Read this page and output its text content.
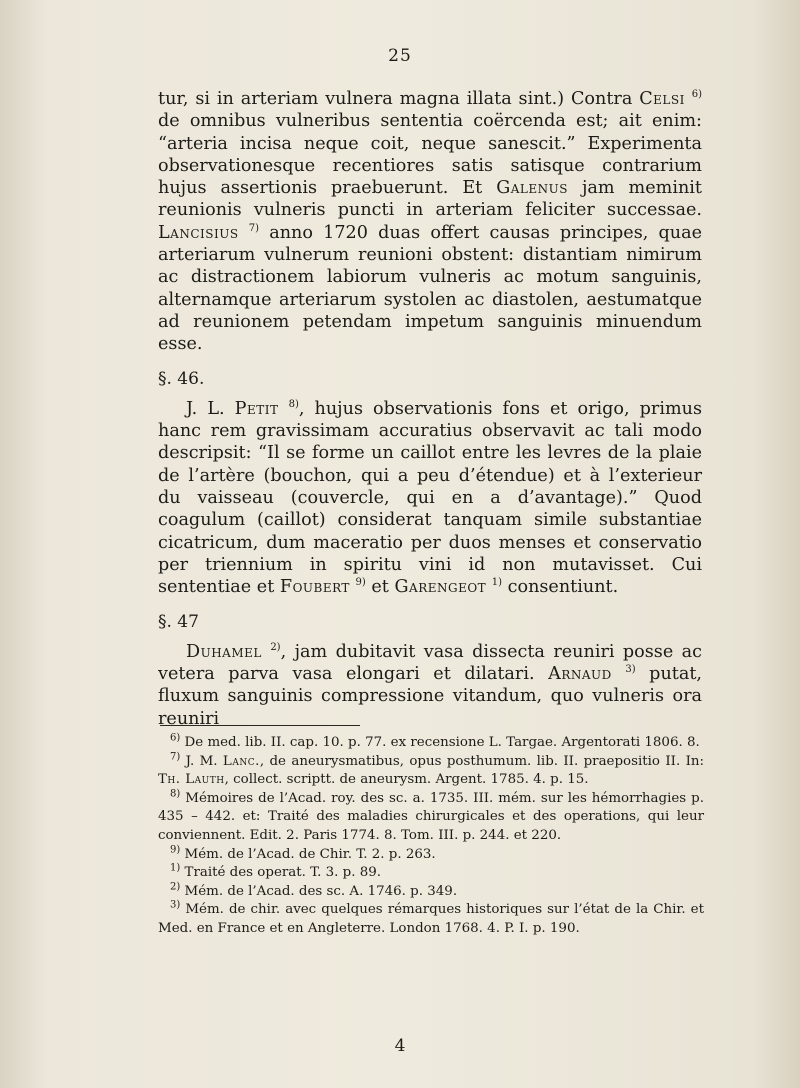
25

tur, si in arteriam vulnera magna illata sint.) Contra Celsi $^{6)}$ de omnibus vulneribus sententia coërcenda est; ait enim: “arteria incisa neque coit, neque sanescit.” Experimenta observationesque recentiores satis satisque contrarium hujus assertionis praebuerunt. Et Galenus jam meminit reunionis vulneris puncti in arteriam feliciter successae. Lancisius $^{7)}$ anno 1720 duas offert causas principes, quae arteriarum vulnerum reunioni obstent: distantiam nimirum ac distractionem labiorum vulneris ac motum sanguinis, alternamque arteriarum systolen ac diastolen, aestumatque ad reunionem petendam impetum sanguinis minuendum esse.

§. 46.

J. L. Petit $^{8)}$, hujus observationis fons et origo, primus hanc rem gravissimam accuratius observavit ac tali modo descripsit: “Il se forme un caillot entre les levres de la plaie de l’artère (bouchon, qui a peu d’étendue) et à l’exterieur du vaisseau (couvercle, qui en a d’avantage).” Quod coagulum (caillot) considerat tanquam simile substantiae cicatricum, dum maceratio per duos menses et conservatio per triennium in spiritu vini id non mutavisset. Cui sententiae et Foubert $^{9)}$ et Garengeot $^{1)}$ consentiunt.

§. 47

Duhamel $^{2)}$, jam dubitavit vasa dissecta reuniri posse ac vetera parva vasa elongari et dilatari. Arnaud $^{3)}$ putat, fluxum sanguinis compressione vitandum, quo vulneris ora reuniri

$^{6)}$ De med. lib. II. cap. 10. p. 77. ex recensione L. Targae. Argentorati 1806. 8.

$^{7)}$ J. M. Lanc., de aneurysmatibus, opus posthumum. lib. II. praepositio II. In: Th. Lauth, collect. scriptt. de aneurysm. Argent. 1785. 4. p. 15.

$^{8)}$ Mémoires de l’Acad. roy. des sc. a. 1735. III. mém. sur les hémorrhagies p. 435 – 442. et: Traité des maladies chirurgicales et des operations, qui leur conviennent. Edit. 2. Paris 1774. 8. Tom. III. p. 244. et 220.

$^{9)}$ Mém. de l’Acad. de Chir. T. 2. p. 263.

$^{1)}$ Traité des operat. T. 3. p. 89.

$^{2)}$ Mém. de l’Acad. des sc. A. 1746. p. 349.

$^{3)}$ Mém. de chir. avec quelques rémarques historiques sur l’état de la Chir. et Med. en France et en Angleterre. London 1768. 4. P. I. p. 190.

4
